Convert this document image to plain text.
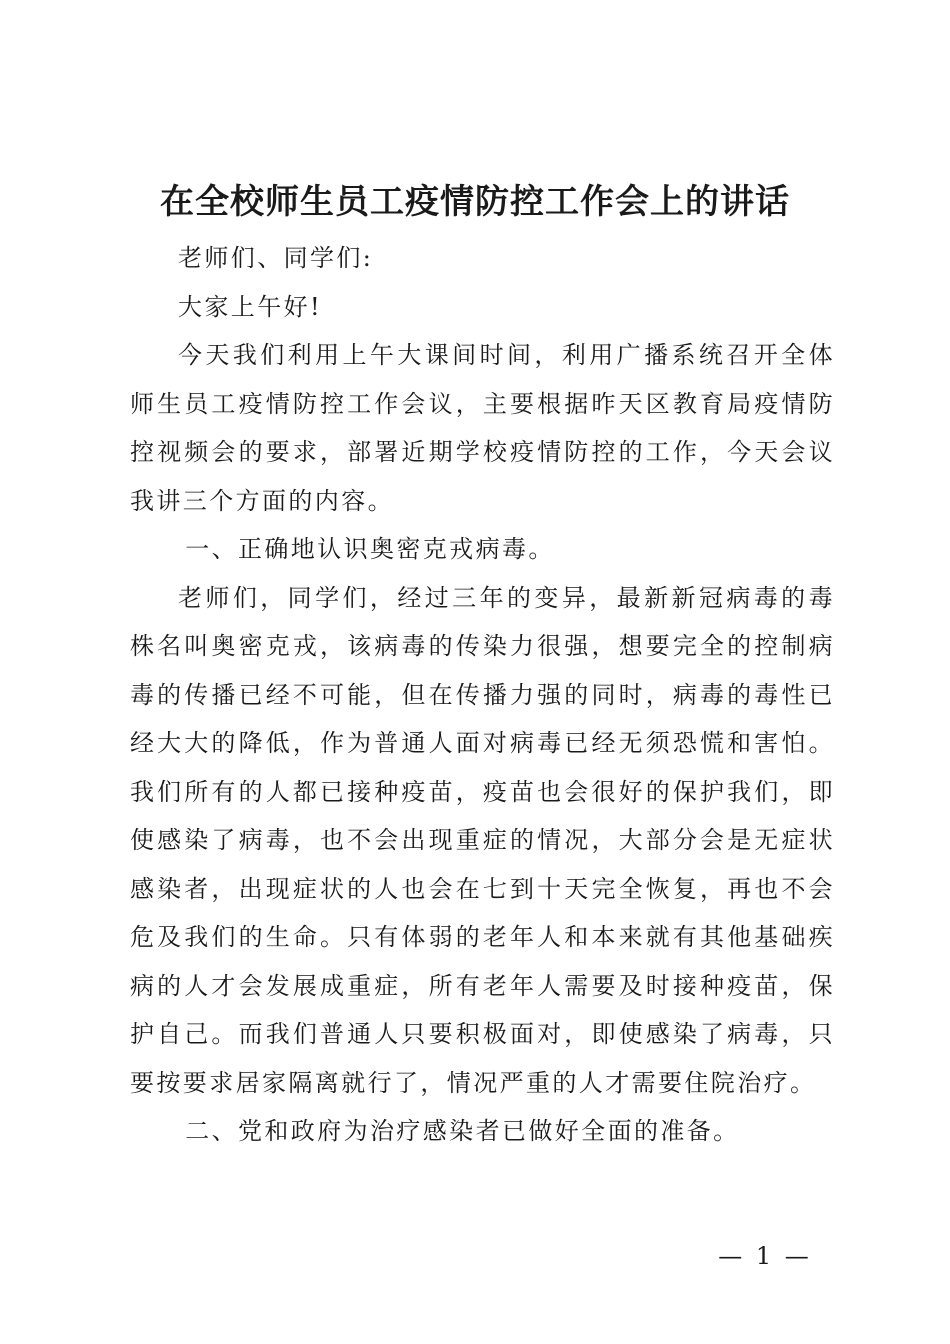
在全校师生员工疫情防控工作会上的讲话

老师们、同学们:

大家上午好!

今天我们利用上午大课间时间，利用广播系统召开全体师生员工疫情防控工作会议，主要根据昨天区教育局疫情防控视频会的要求，部署近期学校疫情防控的工作，今天会议我讲三个方面的内容。

一、正确地认识奥密克戎病毒。

老师们，同学们，经过三年的变异，最新新冠病毒的毒株名叫奥密克戎，该病毒的传染力很强，想要完全的控制病毒的传播已经不可能，但在传播力强的同时，病毒的毒性已经大大的降低，作为普通人面对病毒已经无须恐慌和害怕。我们所有的人都已接种疫苗，疫苗也会很好的保护我们，即使感染了病毒，也不会出现重症的情况，大部分会是无症状感染者，出现症状的人也会在七到十天完全恢复，再也不会危及我们的生命。只有体弱的老年人和本来就有其他基础疾病的人才会发展成重症，所有老年人需要及时接种疫苗，保护自己。而我们普通人只要积极面对，即使感染了病毒，只要按要求居家隔离就行了，情况严重的人才需要住院治疗。

二、党和政府为治疗感染者已做好全面的准备。

— 1 —
